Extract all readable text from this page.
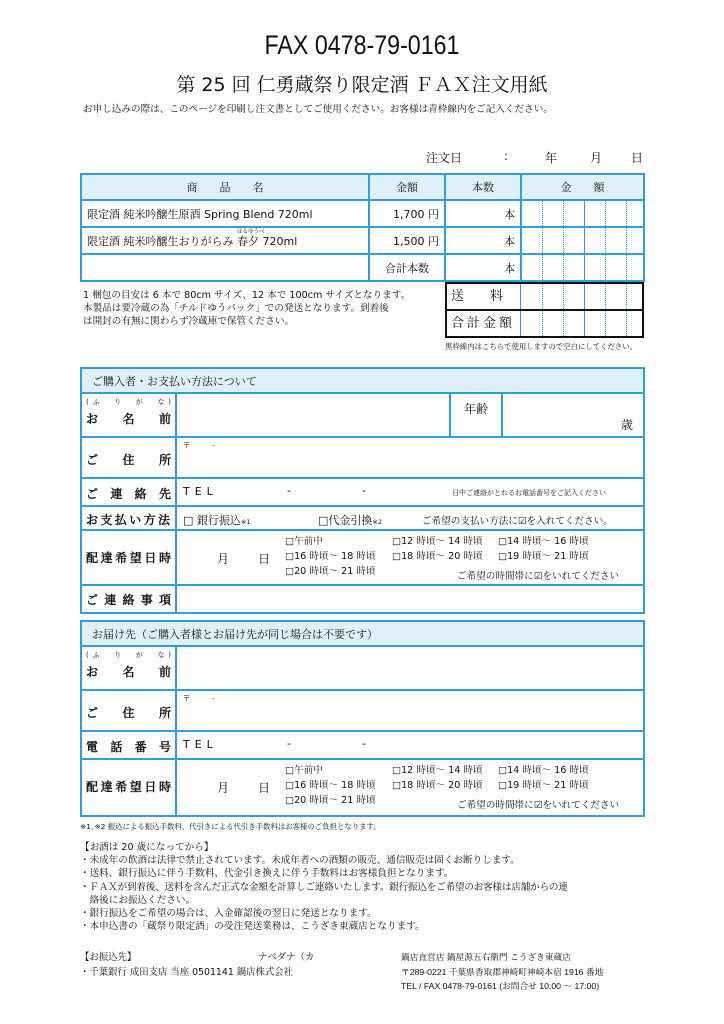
FAX 0478-79-0161
第 25 回 仁勇蔵祭り限定酒 ＦＡＸ注文用紙
お申し込みの際は、このページを印刷し注文書としてご使用ください。お客様は青枠線内をご記入ください。
注文日	:	年	月 日
商　　品　　名	金額	本数	金　　額
限定酒 純米吟醸生原酒 Spring Blend 720ml	1,700 円	本	

限定酒 純米吟醸生おりがらみ
はるゆうべ
春夕 720ml	1,500 円	本	

	合計本数	本	
1 梱包の目安は 6 本で 80cm サイズ、12 本で 100cm サイズとなります。
本製品は要冷蔵の為「チルドゆうパック」での発送となります。到着後
は開封の有無に関わらず冷蔵庫で保管ください。
送　　料
合計金額
黒枠線内はこちらで使用しますので空白にしてください。
ご購入者・お支払い方法について
(ふ　り　が　な)
お　名　前
年齢
歳
ご　住　所
〒　　　-
ご 連 絡 先 TEL	-	-	日中ご連絡がとれるお電話番号をご記入ください
お支払い方法 □ 銀行振込※1	□代金引換※2	ご希望の支払い方法に☑を入れてください。
配達希望日時	月 日
□午前中	□12 時頃～ 14 時頃 □14 時頃～ 16 時頃
□16 時頃～ 18 時頃 □18 時頃～ 20 時頃 □19 時頃～ 21 時頃
□20 時頃～ 21 時頃	ご希望の時間帯に☑をいれてください
ご 連 絡 事 項
お届け先（ご購入者様とお届け先が同じ場合は不要です）
(ふ　り　が　な)
お　名　前
ご　住　所
〒　　　-
電 話 番 号 TEL	-	-
配達希望日時	月 日
□午前中	□12 時頃～ 14 時頃 □14 時頃～ 16 時頃
□16 時頃～ 18 時頃 □18 時頃～ 20 時頃 □19 時頃～ 21 時頃
□20 時頃～ 21 時頃	ご希望の時間帯に☑をいれてください
※1､※2 振込による振込手数料、代引きによる代引き手数料はお客様のご負担となります。
【お酒は 20 歳になってから】
・未成年の飲酒は法律で禁止されています。未成年者への酒類の販売、通信販売は固くお断りします。
・送料、銀行振込に伴う手数料、代金引き換えに伴う手数料はお客様負担となります。
・ＦＡＸが到着後、送料を含んだ正式な金額を計算しご連絡いたします。銀行振込をご希望のお客様は店舗からの連
　絡後にお振込ください。
・銀行振込をご希望の場合は、入金確認後の翌日に発送となります。
・本申込書の「蔵祭り限定酒」の受注発送業務は、こうざき東蔵店となります。
【お振込先】	ナベダナ（カ
・千葉銀行 成田支店 当座 0501141 鍋店株式会社
鍋店直営店 鍋屋源五右衛門 こうざき東蔵店
〒289-0221 千葉県香取郡神崎町神崎本宿 1916 番地
TEL / FAX 0478-79-0161 (お問合せ 10:00 ～ 17:00)
